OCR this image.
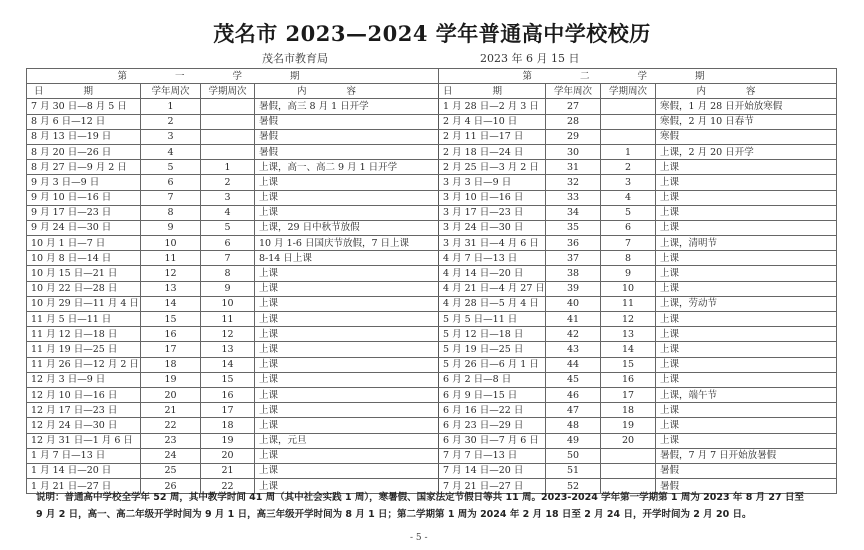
茂名市 2023—2024 学年普通高中学校校历
茂名市教育局	2023 年 6 月 15 日
第一学期				第二学期			
日期	学年周次	学期周次	内容	日期	学年周次	学期周次	内容
7 月 30 日—8 月 5 日	1		暑假，高三 8 月 1 日开学	1 月 28 日—2 月 3 日	27		寒假，1 月 28 日开始放寒假
8 月 6 日—12 日	2		暑假	2 月 4 日—10 日	28		寒假，2 月 10 日春节
8 月 13 日—19 日	3		暑假	2 月 11 日—17 日	29		寒假
8 月 20 日—26 日	4		暑假	2 月 18 日—24 日	30	1	上课，2 月 20 日开学
8 月 27 日—9 月 2 日	5	1	上课，高一、高二 9 月 1 日开学	2 月 25 日—3 月 2 日	31	2	上课
9 月 3 日—9 日	6	2	上课	3 月 3 日—9 日	32	3	上课
9 月 10 日—16 日	7	3	上课	3 月 10 日—16 日	33	4	上课
9 月 17 日—23 日	8	4	上课	3 月 17 日—23 日	34	5	上课
9 月 24 日—30 日	9	5	上课，29 日中秋节放假	3 月 24 日—30 日	35	6	上课
10 月 1 日—7 日	10	6	10 月 1-6 日国庆节放假，7 日上课	3 月 31 日—4 月 6 日	36	7	上课，清明节
10 月 8 日—14 日	11	7	8-14 日上课	4 月 7 日—13 日	37	8	上课
10 月 15 日—21 日	12	8	上课	4 月 14 日—20 日	38	9	上课
10 月 22 日—28 日	13	9	上课	4 月 21 日—4 月 27 日	39	10	上课
10 月 29 日—11 月 4 日	14	10	上课	4 月 28 日—5 月 4 日	40	11	上课，劳动节
11 月 5 日—11 日	15	11	上课	5 月 5 日—11 日	41	12	上课
11 月 12 日—18 日	16	12	上课	5 月 12 日—18 日	42	13	上课
11 月 19 日—25 日	17	13	上课	5 月 19 日—25 日	43	14	上课
11 月 26 日—12 月 2 日	18	14	上课	5 月 26 日—6 月 1 日	44	15	上课
12 月 3 日—9 日	19	15	上课	6 月 2 日—8 日	45	16	上课
12 月 10 日—16 日	20	16	上课	6 月 9 日—15 日	46	17	上课，端午节
12 月 17 日—23 日	21	17	上课	6 月 16 日—22 日	47	18	上课
12 月 24 日—30 日	22	18	上课	6 月 23 日—29 日	48	19	上课
12 月 31 日—1 月 6 日	23	19	上课，元旦	6 月 30 日—7 月 6 日	49	20	上课
1 月 7 日—13 日	24	20	上课	7 月 7 日—13 日	50		暑假，7 月 7 日开始放暑假
1 月 14 日—20 日	25	21	上课	7 月 14 日—20 日	51		暑假
1 月 21 日—27 日	26	22	上课	7 月 21 日—27 日	52		暑假
说明：普通高中学校全学年 52 周，其中教学时间 41 周（其中社会实践 1 周），寒暑假、国家法定节假日等共 11 周。2023-2024 学年第一学期第 1 周为 2023 年 8 月 27 日至
9 月 2 日，高一、高二年级开学时间为 9 月 1 日，高三年级开学时间为 8 月 1 日；第二学期第 1 周为 2024 年 2 月 18 日至 2 月 24 日，开学时间为 2 月 20 日。
- 5 -
